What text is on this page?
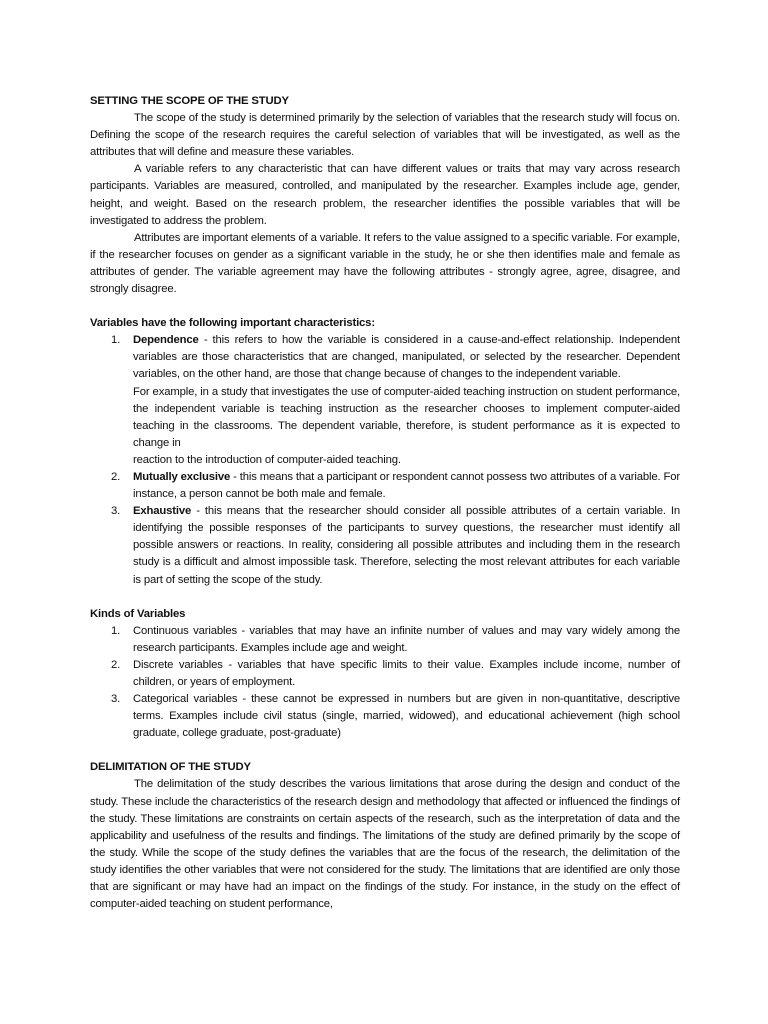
SETTING THE SCOPE OF THE STUDY

The scope of the study is determined primarily by the selection of variables that the research study will focus on. Defining the scope of the research requires the careful selection of variables that will be investigated, as well as the attributes that will define and measure these variables.

A variable refers to any characteristic that can have different values or traits that may vary across research participants. Variables are measured, controlled, and manipulated by the researcher. Examples include age, gender, height, and weight. Based on the research problem, the researcher identifies the possible variables that will be investigated to address the problem.

Attributes are important elements of a variable. It refers to the value assigned to a specific variable. For example, if the researcher focuses on gender as a significant variable in the study, he or she then identifies male and female as attributes of gender. The variable agreement may have the following attributes - strongly agree, agree, disagree, and strongly disagree.

Variables have the following important characteristics:
1. Dependence - this refers to how the variable is considered in a cause-and-effect relationship. Independent variables are those characteristics that are changed, manipulated, or selected by the researcher. Dependent variables, on the other hand, are those that change because of changes to the independent variable.

For example, in a study that investigates the use of computer-aided teaching instruction on student performance, the independent variable is teaching instruction as the researcher chooses to implement computer-aided teaching in the classrooms. The dependent variable, therefore, is student performance as it is expected to change in

reaction to the introduction of computer-aided teaching.

2. Mutually exclusive - this means that a participant or respondent cannot possess two attributes of a variable. For instance, a person cannot be both male and female.

3. Exhaustive - this means that the researcher should consider all possible attributes of a certain variable. In identifying the possible responses of the participants to survey questions, the researcher must identify all possible answers or reactions. In reality, considering all possible attributes and including them in the research study is a difficult and almost impossible task. Therefore, selecting the most relevant attributes for each variable is part of setting the scope of the study.

Kinds of Variables
1. Continuous variables - variables that may have an infinite number of values and may vary widely among the research participants. Examples include age and weight.

2. Discrete variables - variables that have specific limits to their value. Examples include income, number of children, or years of employment.

3. Categorical variables - these cannot be expressed in numbers but are given in non-quantitative, descriptive terms. Examples include civil status (single, married, widowed), and educational achievement (high school graduate, college graduate, post-graduate)

DELIMITATION OF THE STUDY

The delimitation of the study describes the various limitations that arose during the design and conduct of the study. These include the characteristics of the research design and methodology that affected or influenced the findings of the study. These limitations are constraints on certain aspects of the research, such as the interpretation of data and the applicability and usefulness of the results and findings. The limitations of the study are defined primarily by the scope of the study. While the scope of the study defines the variables that are the focus of the research, the delimitation of the study identifies the other variables that were not considered for the study. The limitations that are identified are only those that are significant or may have had an impact on the findings of the study. For instance, in the study on the effect of computer-aided teaching on student performance,
